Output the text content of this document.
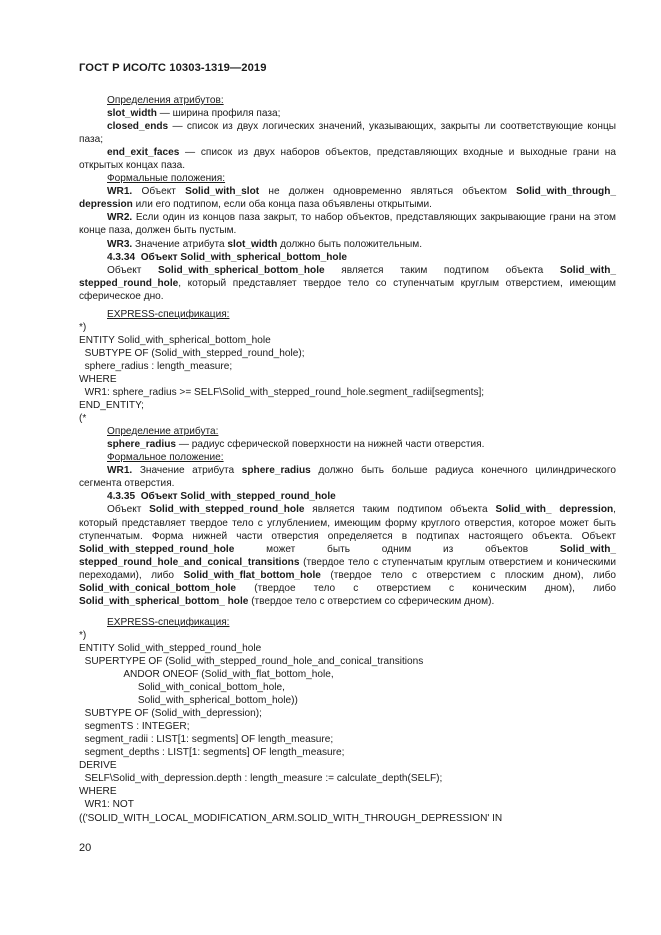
ГОСТ Р ИСО/ТС 10303-1319—2019

Определения атрибутов:

slot_width — ширина профиля паза;

closed_ends — список из двух логических значений, указывающих, закрыты ли соответствующие концы паза;

end_exit_faces — список из двух наборов объектов, представляющих входные и выходные грани на открытых концах паза.

Формальные положения:

WR1. Объект Solid_with_slot не должен одновременно являться объектом Solid_with_through_ depression или его подтипом, если оба конца паза объявлены открытыми.

WR2. Если один из концов паза закрыт, то набор объектов, представляющих закрывающие грани на этом конце паза, должен быть пустым.

WR3. Значение атрибута slot_width должно быть положительным.

4.3.34 Объект Solid_with_spherical_bottom_hole

Объект Solid_with_spherical_bottom_hole является таким подтипом объекта Solid_with_ stepped_round_hole, который представляет твердое тело со ступенчатым круглым отверстием, имеющим сферическое дно.

EXPRESS-спецификация:

*)

ENTITY Solid_with_spherical_bottom_hole

SUBTYPE OF (Solid_with_stepped_round_hole);

sphere_radius : length_measure;

WHERE

WR1: sphere_radius >= SELF\Solid_with_stepped_round_hole.segment_radii[segments];

END_ENTITY;

(*

Определение атрибута:

sphere_radius — радиус сферической поверхности на нижней части отверстия.

Формальное положение:

WR1. Значение атрибута sphere_radius должно быть больше радиуса конечного цилиндрического сегмента отверстия.

4.3.35 Объект Solid_with_stepped_round_hole

Объект Solid_with_stepped_round_hole является таким подтипом объекта Solid_with_ depression, который представляет твердое тело с углублением, имеющим форму круглого отверстия, которое может быть ступенчатым. Форма нижней части отверстия определяется в подтипах настоящего объекта. Объект Solid_with_stepped_round_hole может быть одним из объектов Solid_with_ stepped_round_hole_and_conical_transitions (твердое тело с ступенчатым круглым отверстием и коническими переходами), либо Solid_with_flat_bottom_hole (твердое тело с отверстием с плоским дном), либо Solid_with_conical_bottom_hole (твердое тело с отверстием с коническим дном), либо Solid_with_spherical_bottom_ hole (твердое тело с отверстием со сферическим дном).

EXPRESS-спецификация:

*)

ENTITY Solid_with_stepped_round_hole

SUPERTYPE OF (Solid_with_stepped_round_hole_and_conical_transitions

ANDOR ONEOF (Solid_with_flat_bottom_hole,

Solid_with_conical_bottom_hole,

Solid_with_spherical_bottom_hole))

SUBTYPE OF (Solid_with_depression);

segmenTS : INTEGER;

segment_radii : LIST[1: segments] OF length_measure;

segment_depths : LIST[1: segments] OF length_measure;

DERIVE

SELF\Solid_with_depression.depth : length_measure := calculate_depth(SELF);

WHERE

WR1: NOT

(('SOLID_WITH_LOCAL_MODIFICATION_ARM.SOLID_WITH_THROUGH_DEPRESSION' IN

20
